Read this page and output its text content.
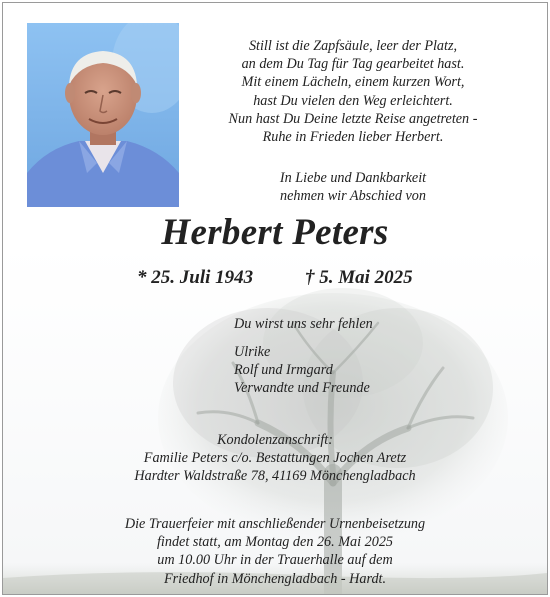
Still ist die Zapfsäule, leer der Platz,
an dem Du Tag für Tag gearbeitet hast.
Mit einem Lächeln, einem kurzen Wort,
hast Du vielen den Weg erleichtert.
Nun hast Du Deine letzte Reise angetreten -
Ruhe in Frieden lieber Herbert.
In Liebe und Dankbarkeit
nehmen wir Abschied von
Herbert Peters
* 25. Juli 1943	† 5. Mai 2025
Du wirst uns sehr fehlen
Ulrike
Rolf und Irmgard
Verwandte und Freunde
Kondolenzanschrift:
Familie Peters c/o. Bestattungen Jochen Aretz
Hardter Waldstraße 78, 41169 Mönchengladbach
Die Trauerfeier mit anschließender Urnenbeisetzung
findet statt, am Montag den 26. Mai 2025
um 10.00 Uhr in der Trauerhalle auf dem
Friedhof in Mönchengladbach - Hardt.
